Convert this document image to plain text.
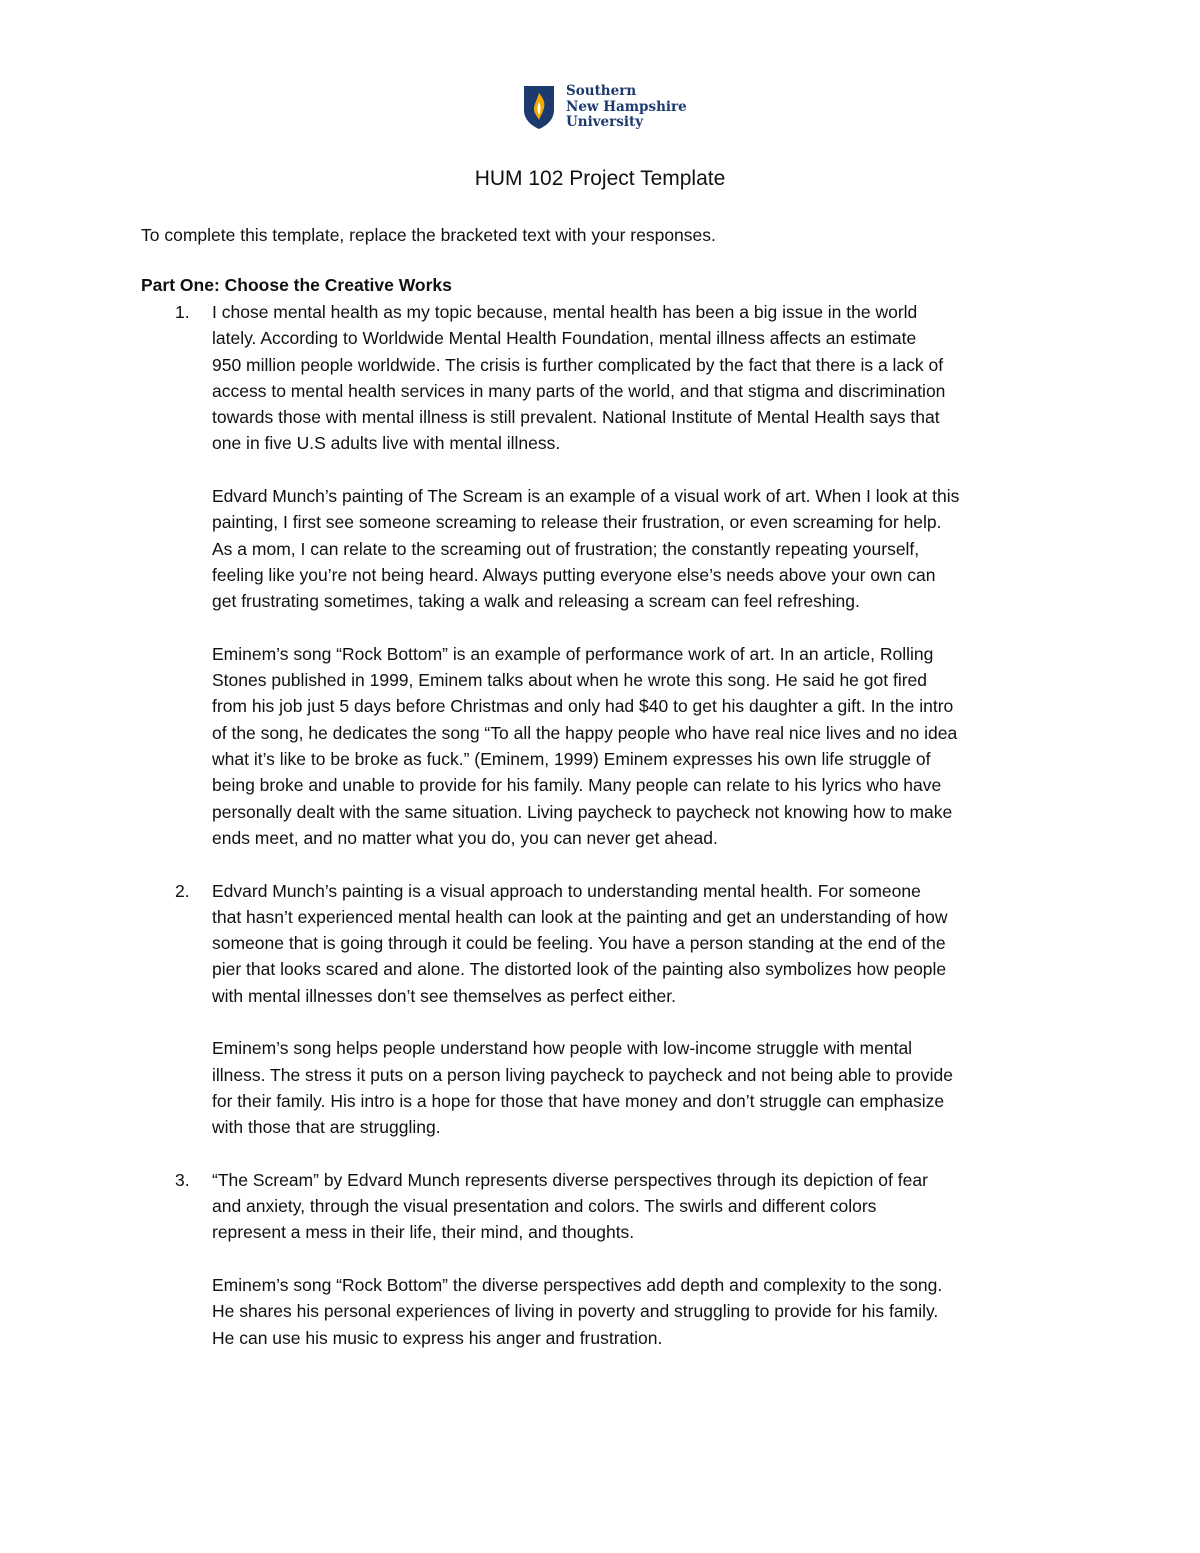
Southern
New Hampshire
University
HUM 102 Project Template
To complete this template, replace the bracketed text with your responses.
Part One: Choose the Creative Works
1. I chose mental health as my topic because, mental health has been a big issue in the world
lately. According to Worldwide Mental Health Foundation, mental illness affects an estimate
950 million people worldwide. The crisis is further complicated by the fact that there is a lack of
access to mental health services in many parts of the world, and that stigma and discrimination
towards those with mental illness is still prevalent. National Institute of Mental Health says that
one in five U.S adults live with mental illness.

Edvard Munch’s painting of The Scream is an example of a visual work of art. When I look at this
painting, I first see someone screaming to release their frustration, or even screaming for help.
As a mom, I can relate to the screaming out of frustration; the constantly repeating yourself,
feeling like you’re not being heard. Always putting everyone else’s needs above your own can
get frustrating sometimes, taking a walk and releasing a scream can feel refreshing.

Eminem’s song “Rock Bottom” is an example of performance work of art. In an article, Rolling
Stones published in 1999, Eminem talks about when he wrote this song. He said he got fired
from his job just 5 days before Christmas and only had $40 to get his daughter a gift. In the intro
of the song, he dedicates the song “To all the happy people who have real nice lives and no idea
what it’s like to be broke as fuck.” (Eminem, 1999) Eminem expresses his own life struggle of
being broke and unable to provide for his family. Many people can relate to his lyrics who have
personally dealt with the same situation. Living paycheck to paycheck not knowing how to make
ends meet, and no matter what you do, you can never get ahead.

2. Edvard Munch’s painting is a visual approach to understanding mental health. For someone
that hasn’t experienced mental health can look at the painting and get an understanding of how
someone that is going through it could be feeling. You have a person standing at the end of the
pier that looks scared and alone. The distorted look of the painting also symbolizes how people
with mental illnesses don’t see themselves as perfect either.

Eminem’s song helps people understand how people with low-income struggle with mental
illness. The stress it puts on a person living paycheck to paycheck and not being able to provide
for their family. His intro is a hope for those that have money and don’t struggle can emphasize
with those that are struggling.

3. “The Scream” by Edvard Munch represents diverse perspectives through its depiction of fear
and anxiety, through the visual presentation and colors. The swirls and different colors
represent a mess in their life, their mind, and thoughts.

Eminem’s song “Rock Bottom” the diverse perspectives add depth and complexity to the song.
He shares his personal experiences of living in poverty and struggling to provide for his family.
He can use his music to express his anger and frustration.
